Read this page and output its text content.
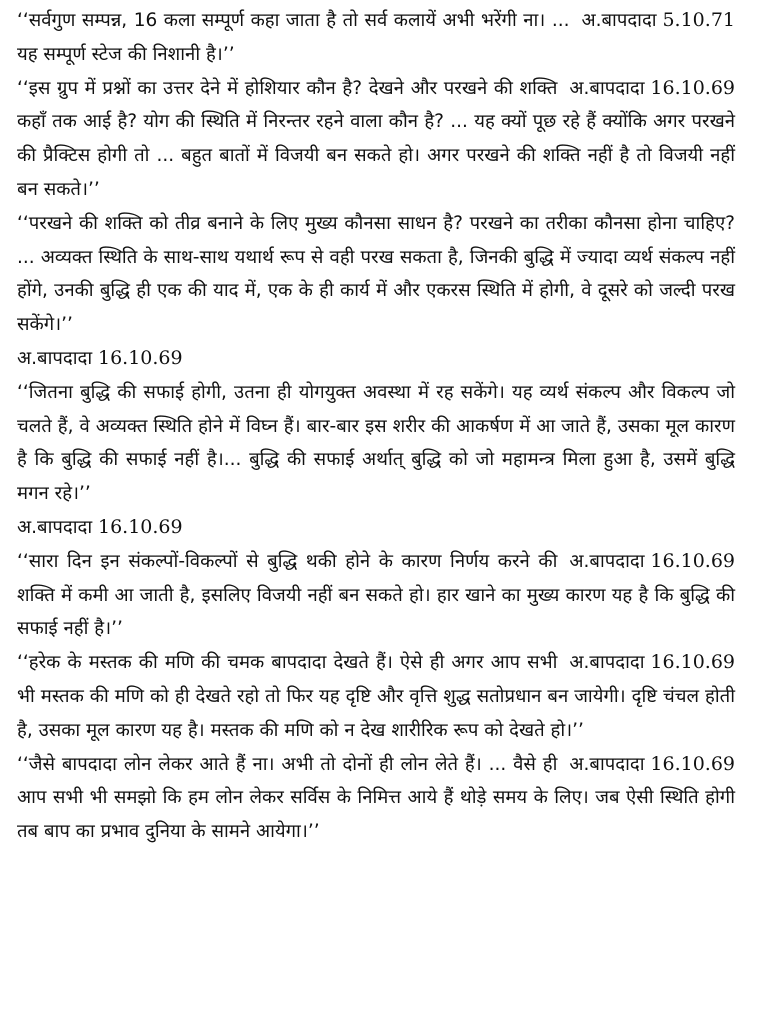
अ.बापदादा 5.10.71
‘‘सर्वगुण सम्पन्न, 16 कला सम्पूर्ण कहा जाता है तो सर्व कलायें अभी भरेंगी ना। ... यह सम्पूर्ण स्टेज की निशानी है।’’
अ.बापदादा 16.10.69
‘‘इस ग्रुप में प्रश्नों का उत्तर देने में होशियार कौन है? देखने और परखने की शक्ति कहाँ तक आई है? योग की स्थिति में निरन्तर रहने वाला कौन है? ... यह क्यों पूछ रहे हैं क्योंकि अगर परखने की प्रैक्टिस होगी तो ... बहुत बातों में विजयी बन सकते हो। अगर परखने की शक्ति नहीं है तो विजयी नहीं बन सकते।’’
‘‘परखने की शक्ति को तीव्र बनाने के लिए मुख्य कौनसा साधन है? परखने का तरीका कौनसा होना चाहिए? ... अव्यक्त स्थिति के साथ-साथ यथार्थ रूप से वही परख सकता है, जिनकी बुद्धि में ज्यादा व्यर्थ संकल्प नहीं होंगे, उनकी बुद्धि ही एक की याद में, एक के ही कार्य में और एकरस स्थिति में होगी, वे दूसरे को जल्दी परख सकेंगे।’’
अ.बापदादा 16.10.69
‘‘जितना बुद्धि की सफाई होगी, उतना ही योगयुक्त अवस्था में रह सकेंगे। यह व्यर्थ संकल्प और विकल्प जो चलते हैं, वे अव्यक्त स्थिति होने में विघ्न हैं। बार-बार इस शरीर की आकर्षण में आ जाते हैं, उसका मूल कारण है कि बुद्धि की सफाई नहीं है।... बुद्धि की सफाई अर्थात् बुद्धि को जो महामन्त्र मिला हुआ है, उसमें बुद्धि मगन रहे।’’
अ.बापदादा 16.10.69
अ.बापदादा 16.10.69
‘‘सारा दिन इन संकल्पों-विकल्पों से बुद्धि थकी होने के कारण निर्णय करने की शक्ति में कमी आ जाती है, इसलिए विजयी नहीं बन सकते हो। हार खाने का मुख्य कारण यह है कि बुद्धि की सफाई नहीं है।’’
अ.बापदादा 16.10.69
‘‘हरेक के मस्तक की मणि की चमक बापदादा देखते हैं। ऐसे ही अगर आप सभी भी मस्तक की मणि को ही देखते रहो तो फिर यह दृष्टि और वृत्ति शुद्ध सतोप्रधान बन जायेगी। दृष्टि चंचल होती है, उसका मूल कारण यह है। मस्तक की मणि को न देख शारीरिक रूप को देखते हो।’’
अ.बापदादा 16.10.69
‘‘जैसे बापदादा लोन लेकर आते हैं ना। अभी तो दोनों ही लोन लेते हैं। ... वैसे ही आप सभी भी समझो कि हम लोन लेकर सर्विस के निमित्त आये हैं थोड़े समय के लिए। जब ऐसी स्थिति होगी तब बाप का प्रभाव दुनिया के सामने आयेगा।’’
